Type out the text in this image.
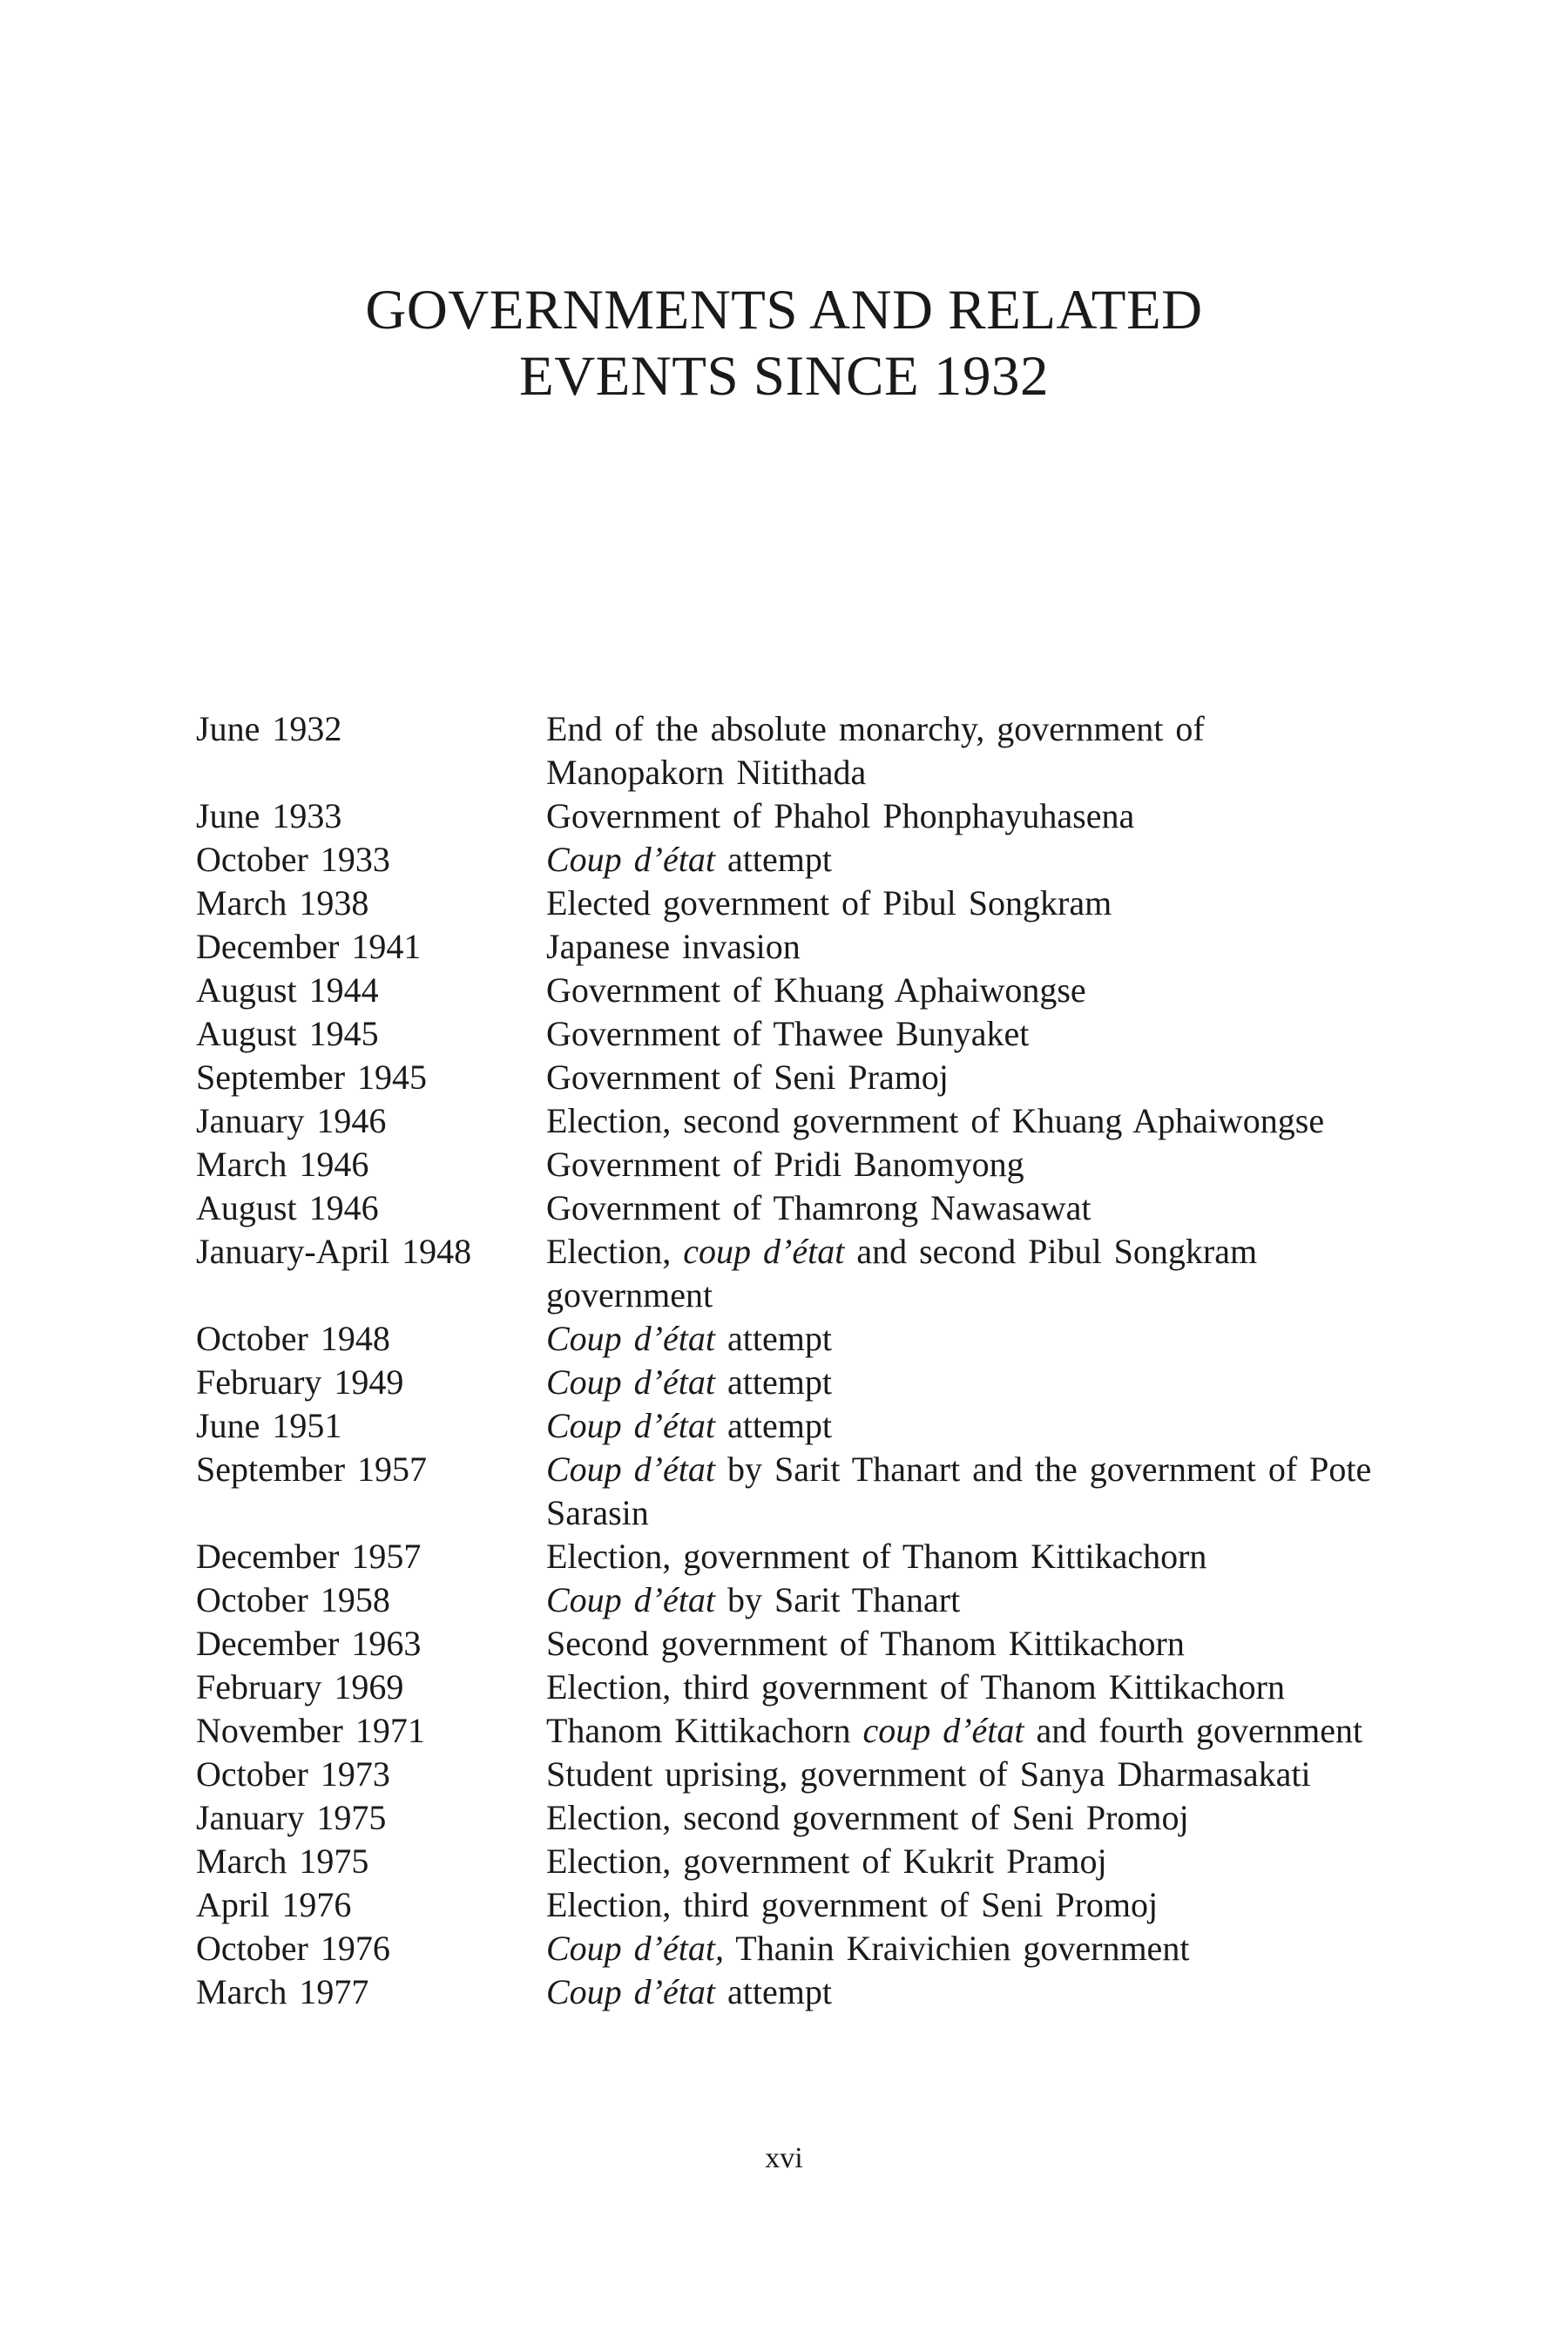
GOVERNMENTS AND RELATED
EVENTS SINCE 1932
June 1932	End of the absolute monarchy, government of Manopakorn Nitithada
June 1933	Government of Phahol Phonphayuhasena
October 1933	Coup d’état attempt
March 1938	Elected government of Pibul Songkram
December 1941	Japanese invasion
August 1944	Government of Khuang Aphaiwongse
August 1945	Government of Thawee Bunyaket
September 1945	Government of Seni Pramoj
January 1946	Election, second government of Khuang Aphaiwongse
March 1946	Government of Pridi Banomyong
August 1946	Government of Thamrong Nawasawat
January-April 1948	Election, coup d’état and second Pibul Songkram government
October 1948	Coup d’état attempt
February 1949	Coup d’état attempt
June 1951	Coup d’état attempt
September 1957	Coup d’état by Sarit Thanart and the government of Pote Sarasin
December 1957	Election, government of Thanom Kittikachorn
October 1958	Coup d’état by Sarit Thanart
December 1963	Second government of Thanom Kittikachorn
February 1969	Election, third government of Thanom Kittikachorn
November 1971	Thanom Kittikachorn coup d’état and fourth government
October 1973	Student uprising, government of Sanya Dharmasakati
January 1975	Election, second government of Seni Promoj
March 1975	Election, government of Kukrit Pramoj
April 1976	Election, third government of Seni Promoj
October 1976	Coup d’état, Thanin Kraivichien government
March 1977	Coup d’état attempt
xvi
